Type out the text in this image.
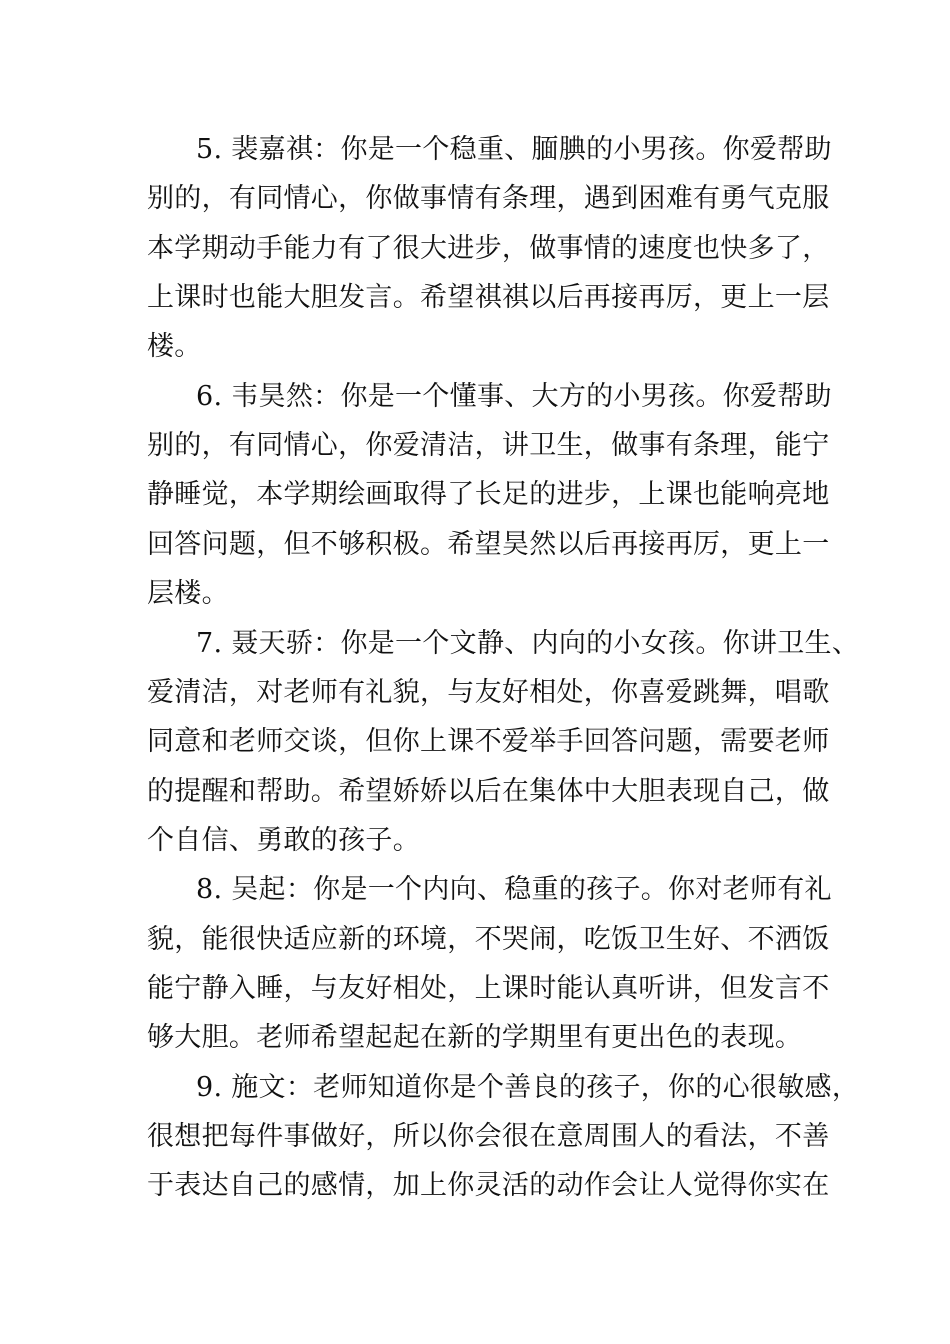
5. 裴嘉祺：你是一个稳重、腼腆的小男孩。你爱帮助
别的，有同情心，你做事情有条理，遇到困难有勇气克服
本学期动手能力有了很大进步，做事情的速度也快多了，
上课时也能大胆发言。希望祺祺以后再接再厉，更上一层
楼。
6. 韦昊然：你是一个懂事、大方的小男孩。你爱帮助
别的，有同情心，你爱清洁，讲卫生，做事有条理，能宁
静睡觉，本学期绘画取得了长足的进步，上课也能响亮地
回答问题，但不够积极。希望昊然以后再接再厉，更上一
层楼。
7. 聂天骄：你是一个文静、内向的小女孩。你讲卫生、
爱清洁，对老师有礼貌，与友好相处，你喜爱跳舞，唱歌
同意和老师交谈，但你上课不爱举手回答问题，需要老师
的提醒和帮助。希望娇娇以后在集体中大胆表现自己，做
个自信、勇敢的孩子。
8. 吴起：你是一个内向、稳重的孩子。你对老师有礼
貌，能很快适应新的环境，不哭闹，吃饭卫生好、不洒饭
能宁静入睡，与友好相处，上课时能认真听讲，但发言不
够大胆。老师希望起起在新的学期里有更出色的表现。
9. 施文：老师知道你是个善良的孩子，你的心很敏感，
很想把每件事做好，所以你会很在意周围人的看法，不善
于表达自己的感情，加上你灵活的动作会让人觉得你实在
